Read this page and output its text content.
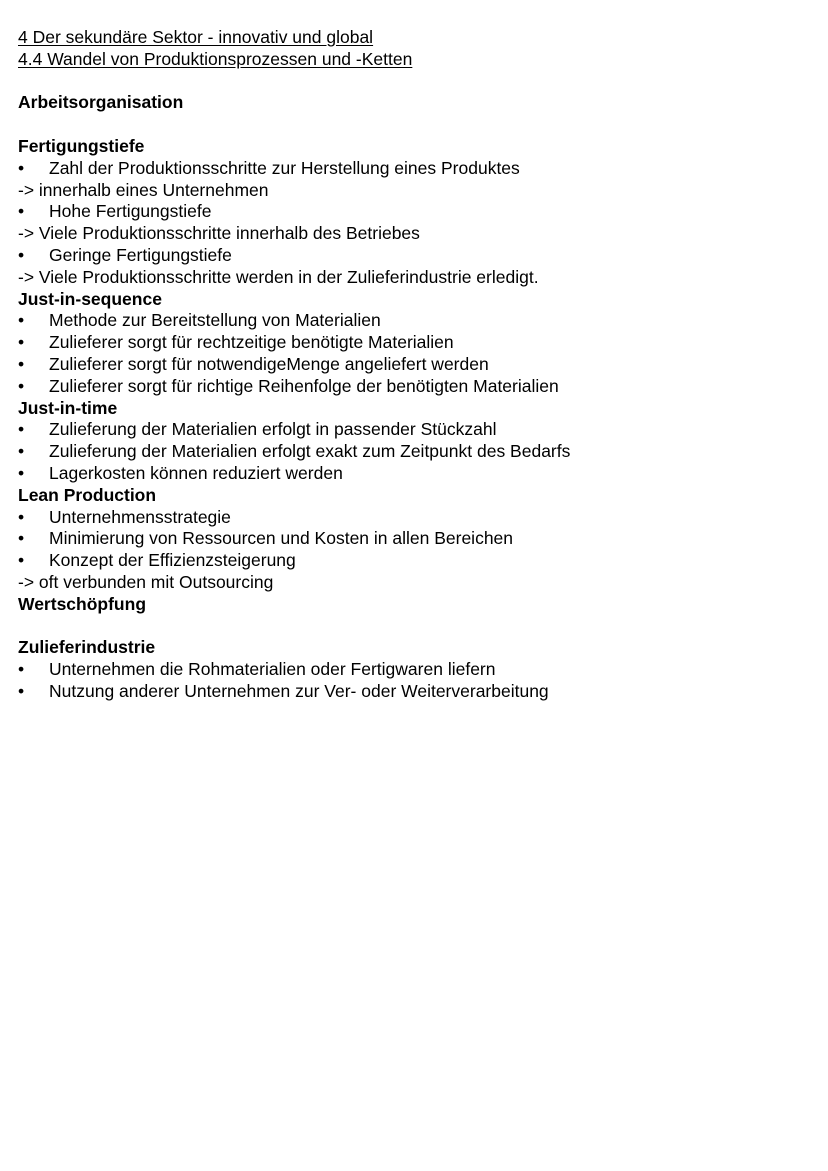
4 Der sekundäre Sektor - innovativ und global
4.4 Wandel von Produktionsprozessen und -Ketten
Arbeitsorganisation
Fertigungstiefe
• Zahl der Produktionsschritte zur Herstellung eines Produktes
-> innerhalb eines Unternehmen
• Hohe Fertigungstiefe
-> Viele Produktionsschritte innerhalb des Betriebes
• Geringe Fertigungstiefe
-> Viele Produktionsschritte werden in der Zulieferindustrie erledigt.
Just-in-sequence
• Methode zur Bereitstellung von Materialien
• Zulieferer sorgt für rechtzeitige benötigte Materialien
• Zulieferer sorgt für notwendigeMenge angeliefert werden
• Zulieferer sorgt für richtige Reihenfolge der benötigten Materialien
Just-in-time
• Zulieferung der Materialien erfolgt in passender Stückzahl
• Zulieferung der Materialien erfolgt exakt zum Zeitpunkt des Bedarfs
• Lagerkosten können reduziert werden
Lean Production
• Unternehmensstrategie
• Minimierung von Ressourcen und Kosten in allen Bereichen
• Konzept der Effizienzsteigerung
-> oft verbunden mit Outsourcing
Wertschöpfung
Zulieferindustrie
• Unternehmen die Rohmaterialien oder Fertigwaren liefern
• Nutzung anderer Unternehmen zur Ver- oder Weiterverarbeitung
